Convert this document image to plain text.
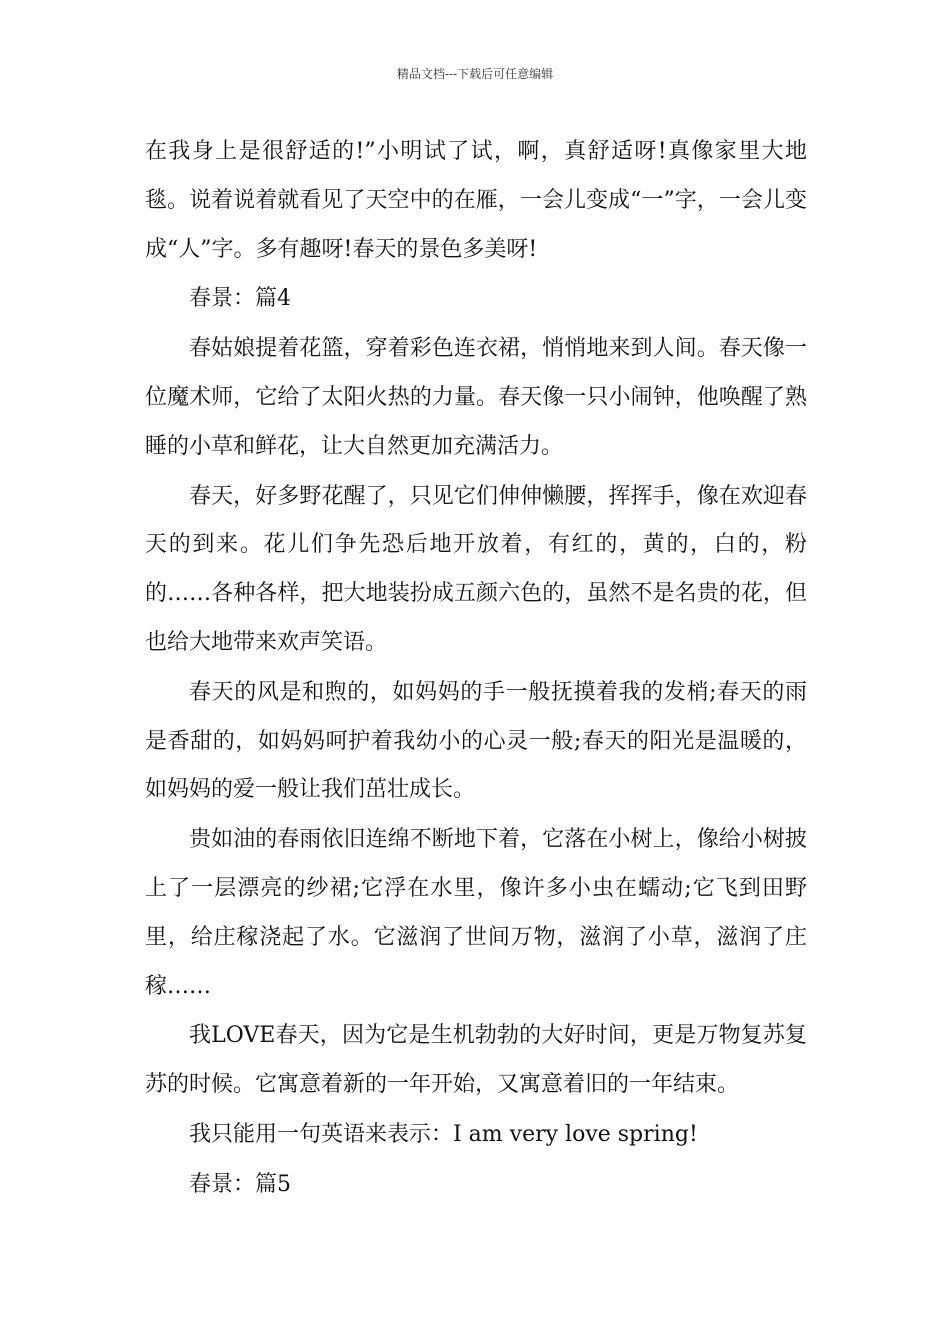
精品文档---下载后可任意编辑

在我身上是很舒适的!”小明试了试，啊，真舒适呀!真像家里大地毯。说着说着就看见了天空中的在雁，一会儿变成“一”字，一会儿变成“人”字。多有趣呀!春天的景色多美呀!

春景：篇4

春姑娘提着花篮，穿着彩色连衣裙，悄悄地来到人间。春天像一位魔术师，它给了太阳火热的力量。春天像一只小闹钟，他唤醒了熟睡的小草和鲜花，让大自然更加充满活力。

春天，好多野花醒了，只见它们伸伸懒腰，挥挥手，像在欢迎春天的到来。花儿们争先恐后地开放着，有红的，黄的，白的，粉的……各种各样，把大地装扮成五颜六色的，虽然不是名贵的花，但也给大地带来欢声笑语。

春天的风是和煦的，如妈妈的手一般抚摸着我的发梢;春天的雨是香甜的，如妈妈呵护着我幼小的心灵一般;春天的阳光是温暖的，如妈妈的爱一般让我们茁壮成长。

贵如油的春雨依旧连绵不断地下着，它落在小树上，像给小树披上了一层漂亮的纱裙;它浮在水里，像许多小虫在蠕动;它飞到田野里，给庄稼浇起了水。它滋润了世间万物，滋润了小草，滋润了庄稼……

我LOVE春天，因为它是生机勃勃的大好时间，更是万物复苏复苏的时候。它寓意着新的一年开始，又寓意着旧的一年结束。

我只能用一句英语来表示：I am very love spring!

春景：篇5
